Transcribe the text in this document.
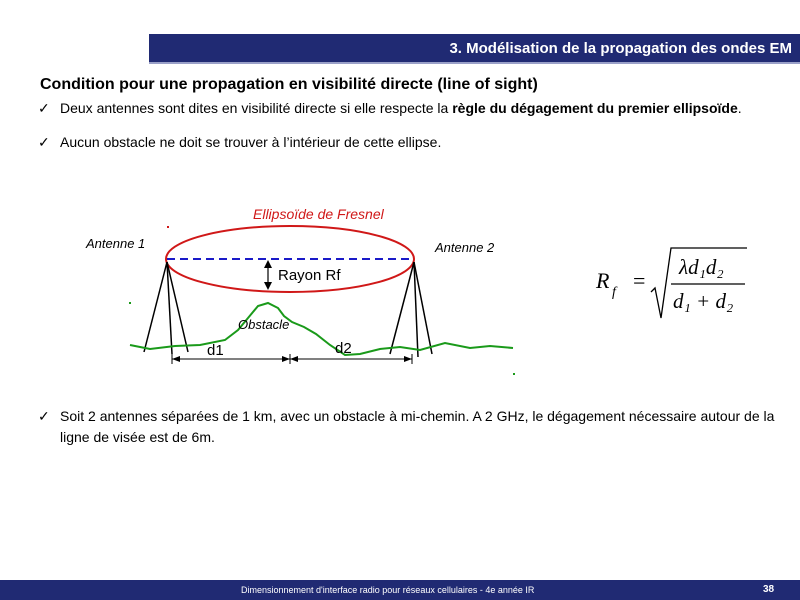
3. Modélisation de la propagation des ondes EM
Condition pour une propagation en visibilité directe (line of sight)
✓ Deux antennes sont dites en visibilité directe si elle respecte la règle du dégagement du premier ellipsoïde.
✓ Aucun obstacle ne doit se trouver à l’intérieur de cette ellipse.
Ellipsoïde de Fresnel
Antenne 1	Antenne 2
Rayon Rf
Obstacle
d1	d2
R f =
λd₁d₂
d₁ + d₂
✓ Soit 2 antennes séparées de 1 km, avec un obstacle à mi-chemin. A 2 GHz, le dégagement nécessaire autour de la ligne de visée est de 6m.
Dimensionnement d'interface radio pour réseaux cellulaires - 4e année IR	38
